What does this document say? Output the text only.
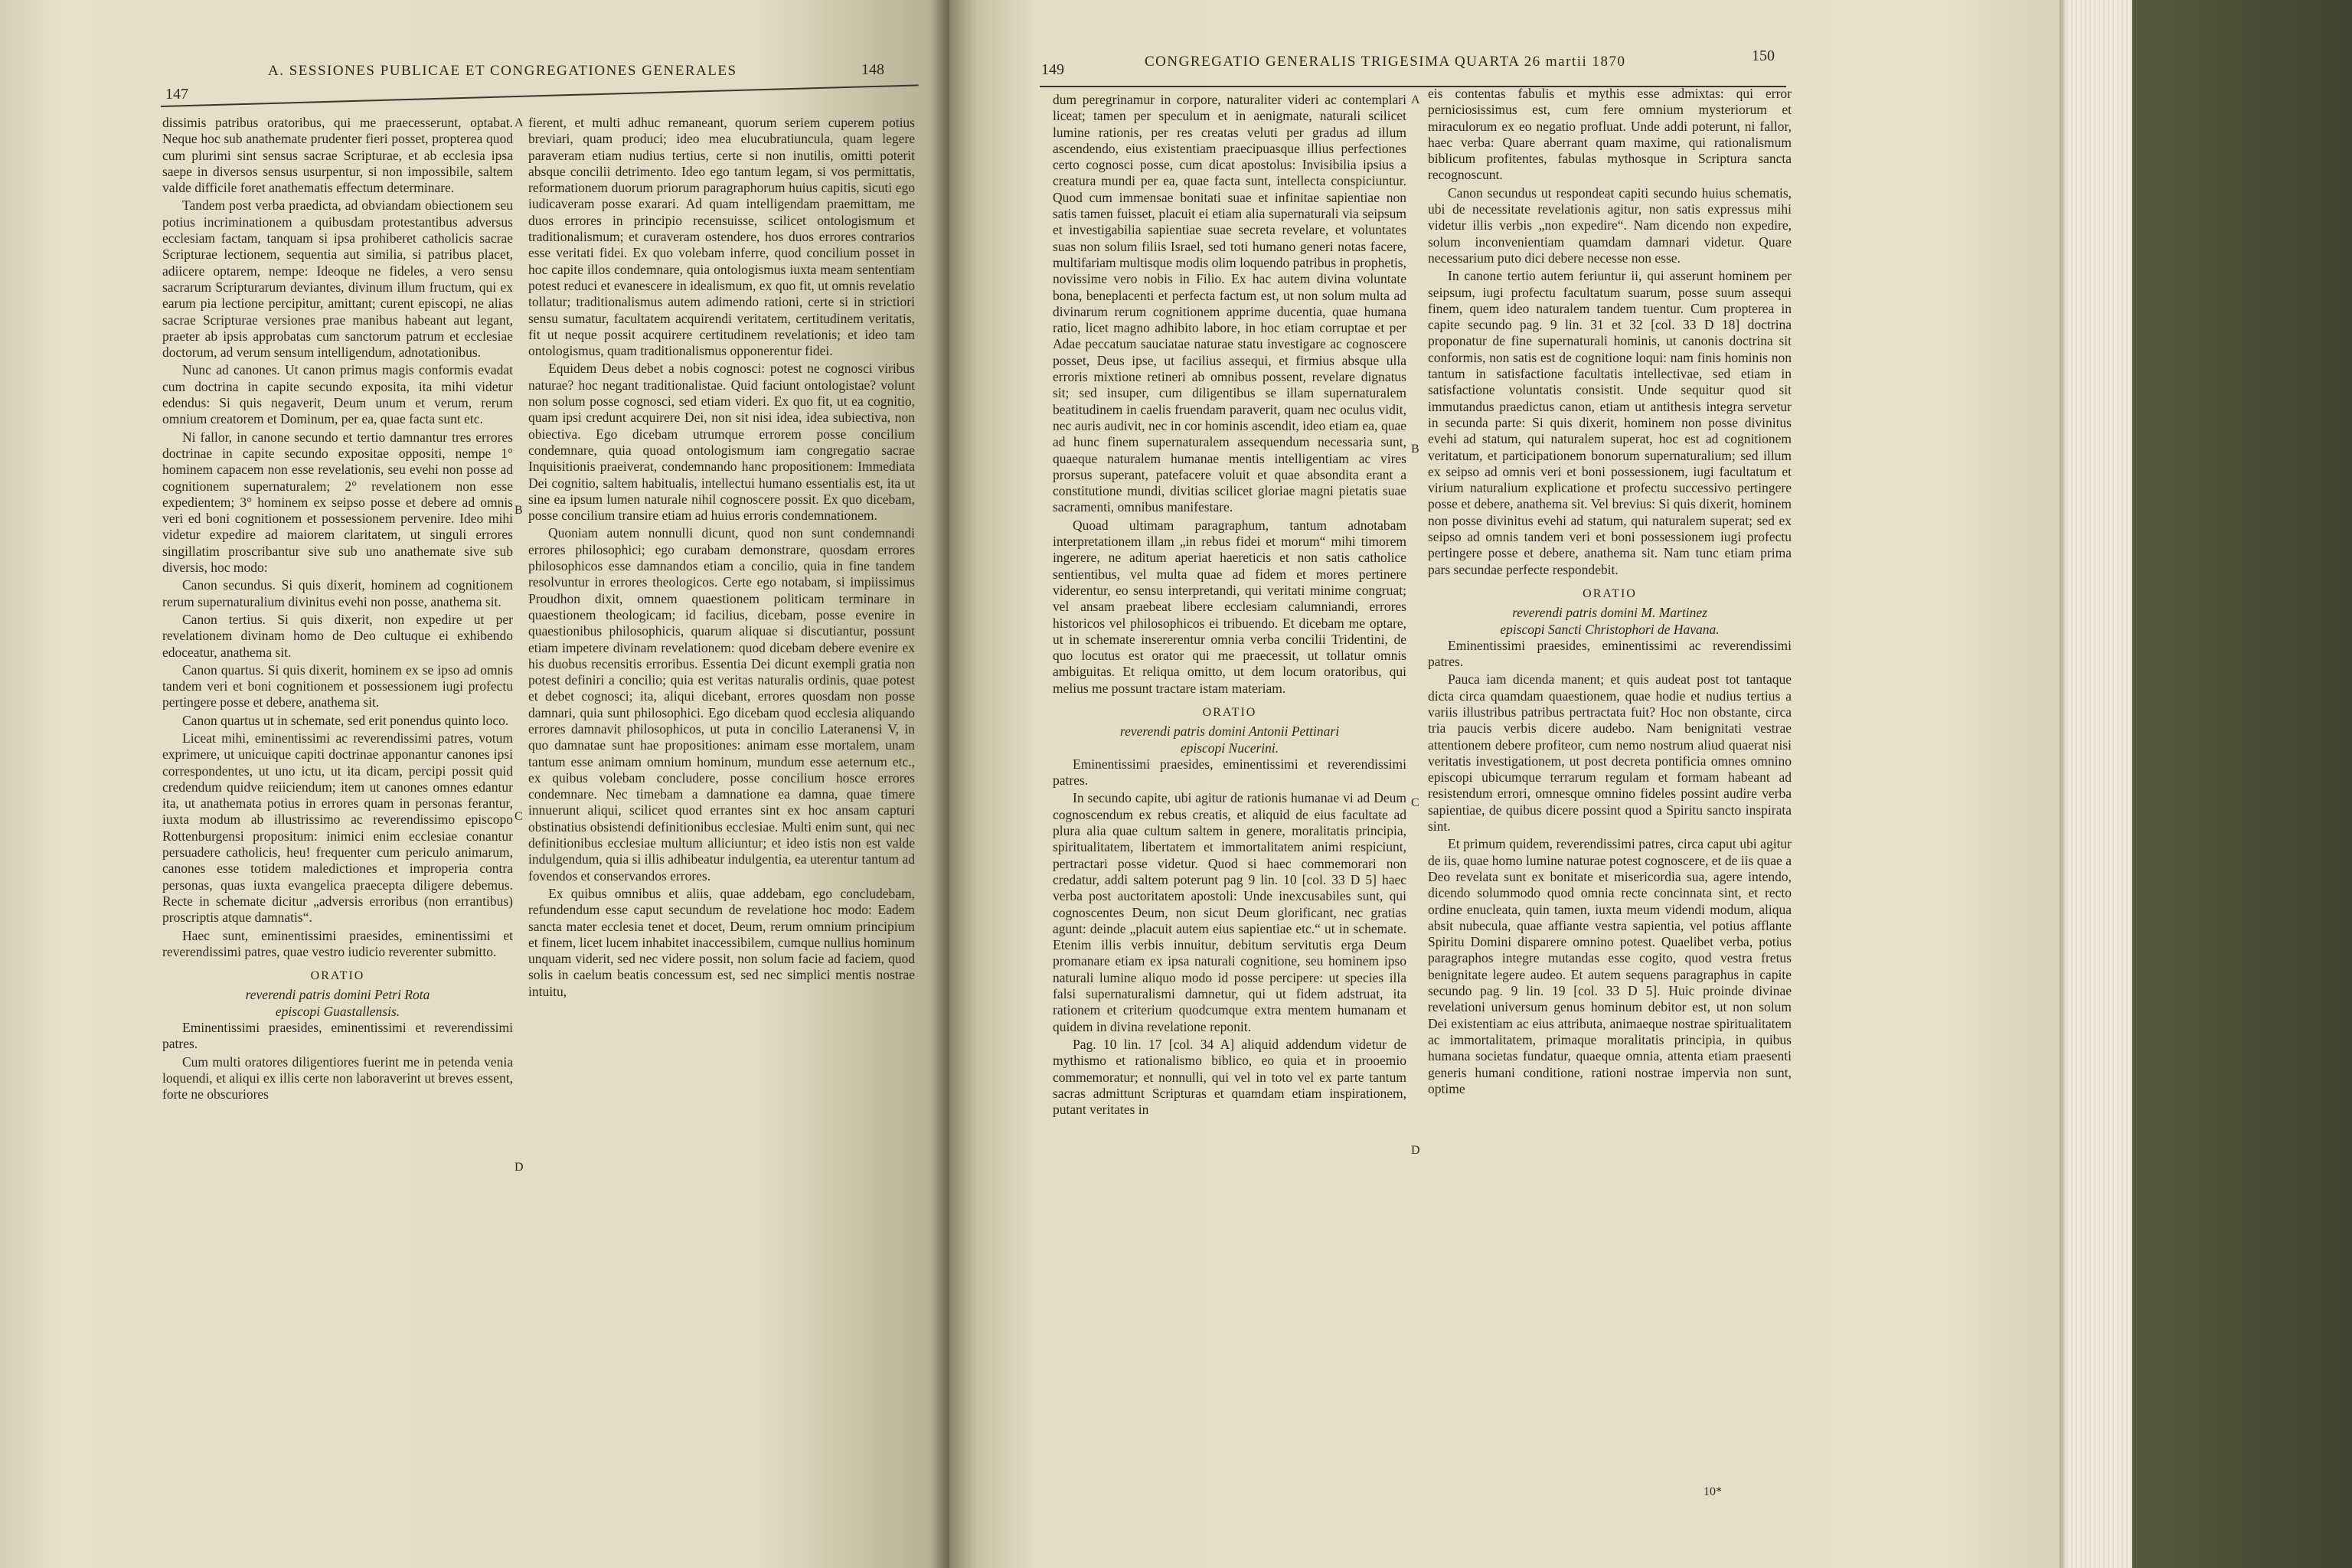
147
A. SESSIONES PUBLICAE ET CONGREGATIONES GENERALES	148

dissimis patribus oratoribus, qui me praecesserunt, optabat. Neque hoc sub anathemate prudenter fieri posset, propterea quod cum plurimi sint sensus sacrae Scripturae, et ab ecclesia ipsa saepe in diversos sensus usurpentur, si non impossibile, saltem valde difficile foret anathematis effectum determinare.

Tandem post verba praedicta, ad obviandam obiectionem seu potius incriminationem a quibusdam protestantibus adversus ecclesiam factam, tanquam si ipsa prohiberet catholicis sacrae Scripturae lectionem, sequentia aut similia, si patribus placet, adiicere optarem, nempe: Ideoque ne fideles, a vero sensu sacrarum Scripturarum deviantes, divinum illum fructum, qui ex earum pia lectione percipitur, amittant; curent episcopi, ne alias sacrae Scripturae versiones prae manibus habeant aut legant, praeter ab ipsis approbatas cum sanctorum patrum et ecclesiae doctorum, ad verum sensum intelligendum, adnotationibus.

Nunc ad canones. Ut canon primus magis conformis evadat cum doctrina in capite secundo exposita, ita mihi videtur edendus: Si quis negaverit, Deum unum et verum, rerum omnium creatorem et Dominum, per ea, quae facta sunt etc.

Ni fallor, in canone secundo et tertio damnantur tres errores doctrinae in capite secundo expositae oppositi, nempe 1° hominem capacem non esse revelationis, seu evehi non posse ad cognitionem supernaturalem; 2° revelationem non esse expedientem; 3° hominem ex seipso posse et debere ad omnis veri ed boni cognitionem et possessionem pervenire. Ideo mihi videtur expedire ad maiorem claritatem, ut singuli errores singillatim proscribantur sive sub uno anathemate sive sub diversis, hoc modo:

Canon secundus. Si quis dixerit, hominem ad cognitionem rerum supernaturalium divinitus evehi non posse, anathema sit.

Canon tertius. Si quis dixerit, non expedire ut per revelationem divinam homo de Deo cultuque ei exhibendo edoceatur, anathema sit.

Canon quartus. Si quis dixerit, hominem ex se ipso ad omnis tandem veri et boni cognitionem et possessionem iugi profectu pertingere posse et debere, anathema sit.

Canon quartus ut in schemate, sed erit ponendus quinto loco.

Liceat mihi, eminentissimi ac reverendissimi patres, votum exprimere, ut unicuique capiti doctrinae apponantur canones ipsi correspondentes, ut uno ictu, ut ita dicam, percipi possit quid credendum quidve reiiciendum; item ut canones omnes edantur ita, ut anathemata potius in errores quam in personas ferantur, iuxta modum ab illustrissimo ac reverendissimo episcopo Rottenburgensi propositum: inimici enim ecclesiae conantur persuadere catholicis, heu! frequenter cum periculo animarum, canones esse totidem maledictiones et improperia contra personas, quas iuxta evangelica praecepta diligere debemus. Recte in schemate dicitur „adversis erroribus (non errantibus) proscriptis atque damnatis“.

Haec sunt, eminentissimi praesides, eminentissimi et reverendissimi patres, quae vestro iudicio reverenter submitto.

ORATIO

reverendi patris domini Petri Rota

episcopi Guastallensis.

Eminentissimi praesides, eminentissimi et reverendissimi patres.

Cum multi oratores diligentiores fuerint me in petenda venia loquendi, et aliqui ex illis certe non laboraverint ut breves essent, forte ne obscuriores

fierent, et multi adhuc remaneant, quorum seriem cuperem potius breviari, quam produci; ideo mea elucubratiuncula, quam legere paraveram etiam nudius tertius, certe si non inutilis, omitti poterit absque concilii detrimento. Ideo ego tantum legam, si vos permittatis, reformationem duorum priorum paragraphorum huius capitis, sicuti ego iudicaveram posse exarari. Ad quam intelligendam praemittam, me duos errores in principio recensuisse, scilicet ontologismum et traditionalismum; et curaveram ostendere, hos duos errores contrarios esse veritati fidei. Ex quo volebam inferre, quod concilium posset in hoc capite illos condemnare, quia ontologismus iuxta meam sententiam potest reduci et evanescere in idealismum, ex quo fit, ut omnis revelatio tollatur; traditionalismus autem adimendo rationi, certe si in strictiori sensu sumatur, facultatem acquirendi veritatem, certitudinem veritatis, fit ut neque possit acquirere certitudinem revelationis; et ideo tam ontologismus, quam traditionalismus opponerentur fidei.

Equidem Deus debet a nobis cognosci: potest ne cognosci viribus naturae? hoc negant traditionalistae. Quid faciunt ontologistae? volunt non solum posse cognosci, sed etiam videri. Ex quo fit, ut ea cognitio, quam ipsi credunt acquirere Dei, non sit nisi idea, idea subiectiva, non obiectiva. Ego dicebam utrumque errorem posse concilium condemnare, quia quoad ontologismum iam congregatio sacrae Inquisitionis praeiverat, condemnando hanc propositionem: Immediata Dei cognitio, saltem habitualis, intellectui humano essentialis est, ita ut sine ea ipsum lumen naturale nihil cognoscere possit. Ex quo dicebam, posse concilium transire etiam ad huius erroris condemnationem.

Quoniam autem nonnulli dicunt, quod non sunt condemnandi errores philosophici; ego curabam demonstrare, quosdam errores philosophicos esse damnandos etiam a concilio, quia in fine tandem resolvuntur in errores theologicos. Certe ego notabam, si impiissimus Proudhon dixit, omnem quaestionem politicam terminare in quaestionem theologicam; id facilius, dicebam, posse evenire in quaestionibus philosophicis, quarum aliquae si discutiantur, possunt etiam impetere divinam revelationem: quod dicebam debere evenire ex his duobus recensitis erroribus. Essentia Dei dicunt exempli gratia non potest definiri a concilio; quia est veritas naturalis ordinis, quae potest et debet cognosci; ita, aliqui dicebant, errores quosdam non posse damnari, quia sunt philosophici. Ego dicebam quod ecclesia aliquando errores damnavit philosophicos, ut puta in concilio Lateranensi V, in quo damnatae sunt hae propositiones: animam esse mortalem, unam tantum esse animam omnium hominum, mundum esse aeternum etc., ex quibus volebam concludere, posse concilium hosce errores condemnare. Nec timebam a damnatione ea damna, quae timere innuerunt aliqui, scilicet quod errantes sint ex hoc ansam capturi obstinatius obsistendi definitionibus ecclesiae. Multi enim sunt, qui nec definitionibus ecclesiae multum alliciuntur; et ideo istis non est valde indulgendum, quia si illis adhibeatur indulgentia, ea uterentur tantum ad fovendos et conservandos errores.

Ex quibus omnibus et aliis, quae addebam, ego concludebam, refundendum esse caput secundum de revelatione hoc modo: Eadem sancta mater ecclesia tenet et docet, Deum, rerum omnium principium et finem, licet lucem inhabitet inaccessibilem, cumque nullius hominum unquam viderit, sed nec videre possit, non solum facie ad faciem, quod solis in caelum beatis concessum est, sed nec simplici mentis nostrae intuitu,

A
B
C
D
149	CONGREGATIO GENERALIS TRIGESIMA QUARTA 26 martii 1870	150

dum peregrinamur in corpore, naturaliter videri ac contemplari liceat; tamen per speculum et in aenigmate, naturali scilicet lumine rationis, per res creatas veluti per gradus ad illum ascendendo, eius existentiam praecipuasque illius perfectiones certo cognosci posse, cum dicat apostolus: Invisibilia ipsius a creatura mundi per ea, quae facta sunt, intellecta conspiciuntur. Quod cum immensae bonitati suae et infinitae sapientiae non satis tamen fuisset, placuit ei etiam alia supernaturali via seipsum et investigabilia sapientiae suae secreta revelare, et voluntates suas non solum filiis Israel, sed toti humano generi notas facere, multifariam multisque modis olim loquendo patribus in prophetis, novissime vero nobis in Filio. Ex hac autem divina voluntate bona, beneplacenti et perfecta factum est, ut non solum multa ad divinarum rerum cognitionem apprime ducentia, quae humana ratio, licet magno adhibito labore, in hoc etiam corruptae et per Adae peccatum sauciatae naturae statu investigare ac cognoscere posset, Deus ipse, ut facilius assequi, et firmius absque ulla erroris mixtione retineri ab omnibus possent, revelare dignatus sit; sed insuper, cum diligentibus se illam supernaturalem beatitudinem in caelis fruendam paraverit, quam nec oculus vidit, nec auris audivit, nec in cor hominis ascendit, ideo etiam ea, quae ad hunc finem supernaturalem assequendum necessaria sunt, quaeque naturalem humanae mentis intelligentiam ac vires prorsus superant, patefacere voluit et quae absondita erant a constitutione mundi, divitias scilicet gloriae magni pietatis suae sacramenti, omnibus manifestare.

Quoad ultimam paragraphum, tantum adnotabam interpretationem illam „in rebus fidei et morum“ mihi timorem ingerere, ne aditum aperiat haereticis et non satis catholice sentientibus, vel multa quae ad fidem et mores pertinere viderentur, eo sensu interpretandi, qui veritati minime congruat; vel ansam praebeat libere ecclesiam calumniandi, errores historicos vel philosophicos ei tribuendo. Et dicebam me optare, ut in schemate insererentur omnia verba concilii Tridentini, de quo locutus est orator qui me praecessit, ut tollatur omnis ambiguitas. Et reliqua omitto, ut dem locum oratoribus, qui melius me possunt tractare istam materiam.

ORATIO

reverendi patris domini Antonii Pettinari

episcopi Nucerini.

Eminentissimi praesides, eminentissimi et reverendissimi patres.

In secundo capite, ubi agitur de rationis humanae vi ad Deum cognoscendum ex rebus creatis, et aliquid de eius facultate ad plura alia quae cultum saltem in genere, moralitatis principia, spiritualitatem, libertatem et immortalitatem animi respiciunt, pertractari posse videtur. Quod si haec commemorari non credatur, addi saltem poterunt pag 9 lin. 10 [col. 33 D 5] haec verba post auctoritatem apostoli: Unde inexcusabiles sunt, qui cognoscentes Deum, non sicut Deum glorificant, nec gratias agunt: deinde „placuit autem eius sapientiae etc.“ ut in schemate. Etenim illis verbis innuitur, debitum servitutis erga Deum promanare etiam ex ipsa naturali cognitione, seu hominem ipso naturali lumine aliquo modo id posse percipere: ut species illa falsi supernaturalismi damnetur, qui ut fidem adstruat, ita rationem et criterium quodcumque extra mentem humanam et quidem in divina revelatione reponit.

Pag. 10 lin. 17 [col. 34 A] aliquid addendum videtur de mythismo et rationalismo biblico, eo quia et in prooemio commemoratur; et nonnulli, qui vel in toto vel ex parte tantum sacras admittunt Scripturas et quamdam etiam inspirationem, putant veritates in

eis contentas fabulis et mythis esse admixtas: qui error perniciosissimus est, cum fere omnium mysteriorum et miraculorum ex eo negatio profluat. Unde addi poterunt, ni fallor, haec verba: Quare aberrant quam maxime, qui rationalismum biblicum profitentes, fabulas mythosque in Scriptura sancta recognoscunt.

Canon secundus ut respondeat capiti secundo huius schematis, ubi de necessitate revelationis agitur, non satis expressus mihi videtur illis verbis „non expedire“. Nam dicendo non expedire, solum inconvenientiam quamdam damnari videtur. Quare necessarium puto dici debere necesse non esse.

In canone tertio autem feriuntur ii, qui asserunt hominem per seipsum, iugi profectu facultatum suarum, posse suum assequi finem, quem ideo naturalem tandem tuentur. Cum propterea in capite secundo pag. 9 lin. 31 et 32 [col. 33 D 18] doctrina proponatur de fine supernaturali hominis, ut canonis doctrina sit conformis, non satis est de cognitione loqui: nam finis hominis non tantum in satisfactione facultatis intellectivae, sed etiam in satisfactione voluntatis consistit. Unde sequitur quod sit immutandus praedictus canon, etiam ut antithesis integra servetur in secunda parte: Si quis dixerit, hominem non posse divinitus evehi ad statum, qui naturalem superat, hoc est ad cognitionem veritatum, et participationem bonorum supernaturalium; sed illum ex seipso ad omnis veri et boni possessionem, iugi facultatum et virium naturalium explicatione et profectu successivo pertingere posse et debere, anathema sit. Vel brevius: Si quis dixerit, hominem non posse divinitus evehi ad statum, qui naturalem superat; sed ex seipso ad omnis tandem veri et boni possessionem iugi profectu pertingere posse et debere, anathema sit. Nam tunc etiam prima pars secundae perfecte respondebit.

ORATIO

reverendi patris domini M. Martinez

episcopi Sancti Christophori de Havana.

Eminentissimi praesides, eminentissimi ac reverendissimi patres.

Pauca iam dicenda manent; et quis audeat post tot tantaque dicta circa quamdam quaestionem, quae hodie et nudius tertius a variis illustribus patribus pertractata fuit? Hoc non obstante, circa tria paucis verbis dicere audebo. Nam benignitati vestrae attentionem debere profiteor, cum nemo nostrum aliud quaerat nisi veritatis investigationem, ut post decreta pontificia omnes omnino episcopi ubicumque terrarum regulam et formam habeant ad resistendum errori, omnesque omnino fideles possint audire verba sapientiae, de quibus dicere possint quod a Spiritu sancto inspirata sint.

Et primum quidem, reverendissimi patres, circa caput ubi agitur de iis, quae homo lumine naturae potest cognoscere, et de iis quae a Deo revelata sunt ex bonitate et misericordia sua, agere intendo, dicendo solummodo quod omnia recte concinnata sint, et recto ordine enucleata, quin tamen, iuxta meum videndi modum, aliqua absit nubecula, quae affiante vestra sapientia, vel potius afflante Spiritu Domini disparere omnino potest. Quaelibet verba, potius paragraphos integre mutandas esse cogito, quod vestra fretus benignitate legere audeo. Et autem sequens paragraphus in capite secundo pag. 9 lin. 19 [col. 33 D 5]. Huic proinde divinae revelationi universum genus hominum debitor est, ut non solum Dei existentiam ac eius attributa, animaeque nostrae spiritualitatem ac immortalitatem, primaque moralitatis principia, in quibus humana societas fundatur, quaeque omnia, attenta etiam praesenti generis humani conditione, rationi nostrae impervia non sunt, optime

A
B
C
D
10*
